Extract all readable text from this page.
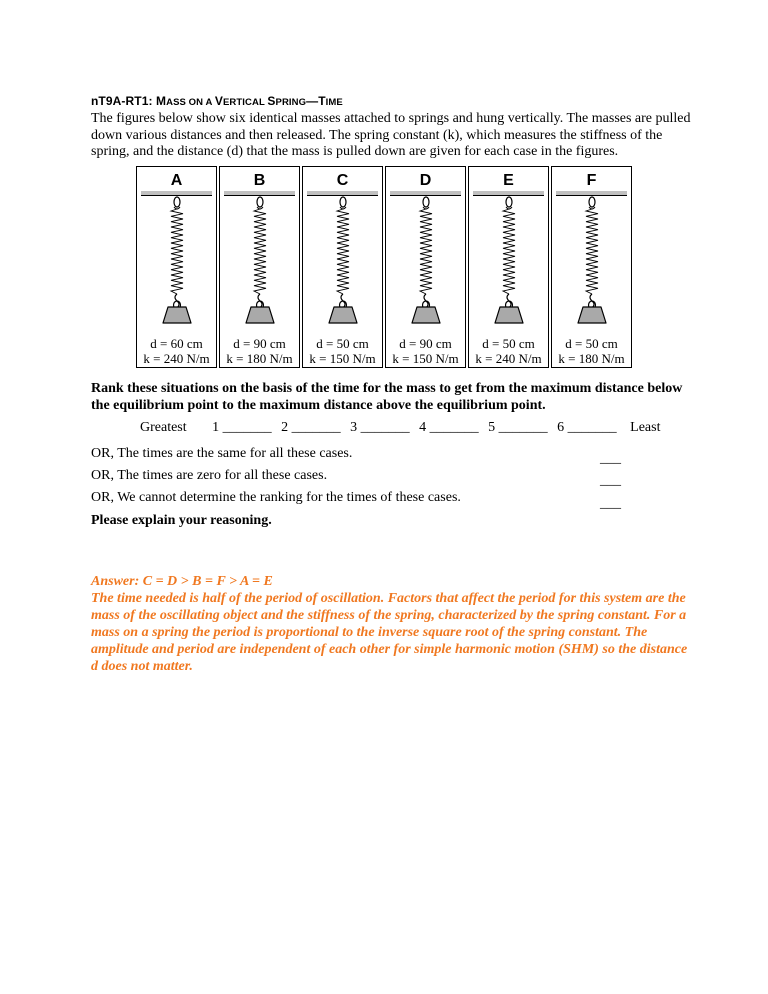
nT9A-RT1: MASS ON A VERTICAL SPRING—TIME
The figures below show six identical masses attached to springs and hung vertically. The masses are pulled down various distances and then released. The spring constant (k), which measures the stiffness of the spring, and the distance (d) that the mass is pulled down are given for each case in the figures.
A
d = 60 cm
k = 240 N/m
B
d = 90 cm
k = 180 N/m
C
d = 50 cm
k = 150 N/m
D
d = 90 cm
k = 150 N/m
E
d = 50 cm
k = 240 N/m
F
d = 50 cm
k = 180 N/m
Rank these situations on the basis of the time for the mass to get from the maximum distance below the equilibrium point to the maximum distance above the equilibrium point.
Greatest 1 _______ 2 _______ 3 _______ 4 _______ 5 _______ 6 _______ Least
OR, The times are the same for all these cases.	___
OR, The times are zero for all these cases.	___
OR, We cannot determine the ranking for the times of these cases.	___
Please explain your reasoning.
Answer: C = D > B = F > A = E
The time needed is half of the period of oscillation. Factors that affect the period for this system are the mass of the oscillating object and the stiffness of the spring, characterized by the spring constant. For a mass on a spring the period is proportional to the inverse square root of the spring constant. The amplitude and period are independent of each other for simple harmonic motion (SHM) so the distance d does not matter.
